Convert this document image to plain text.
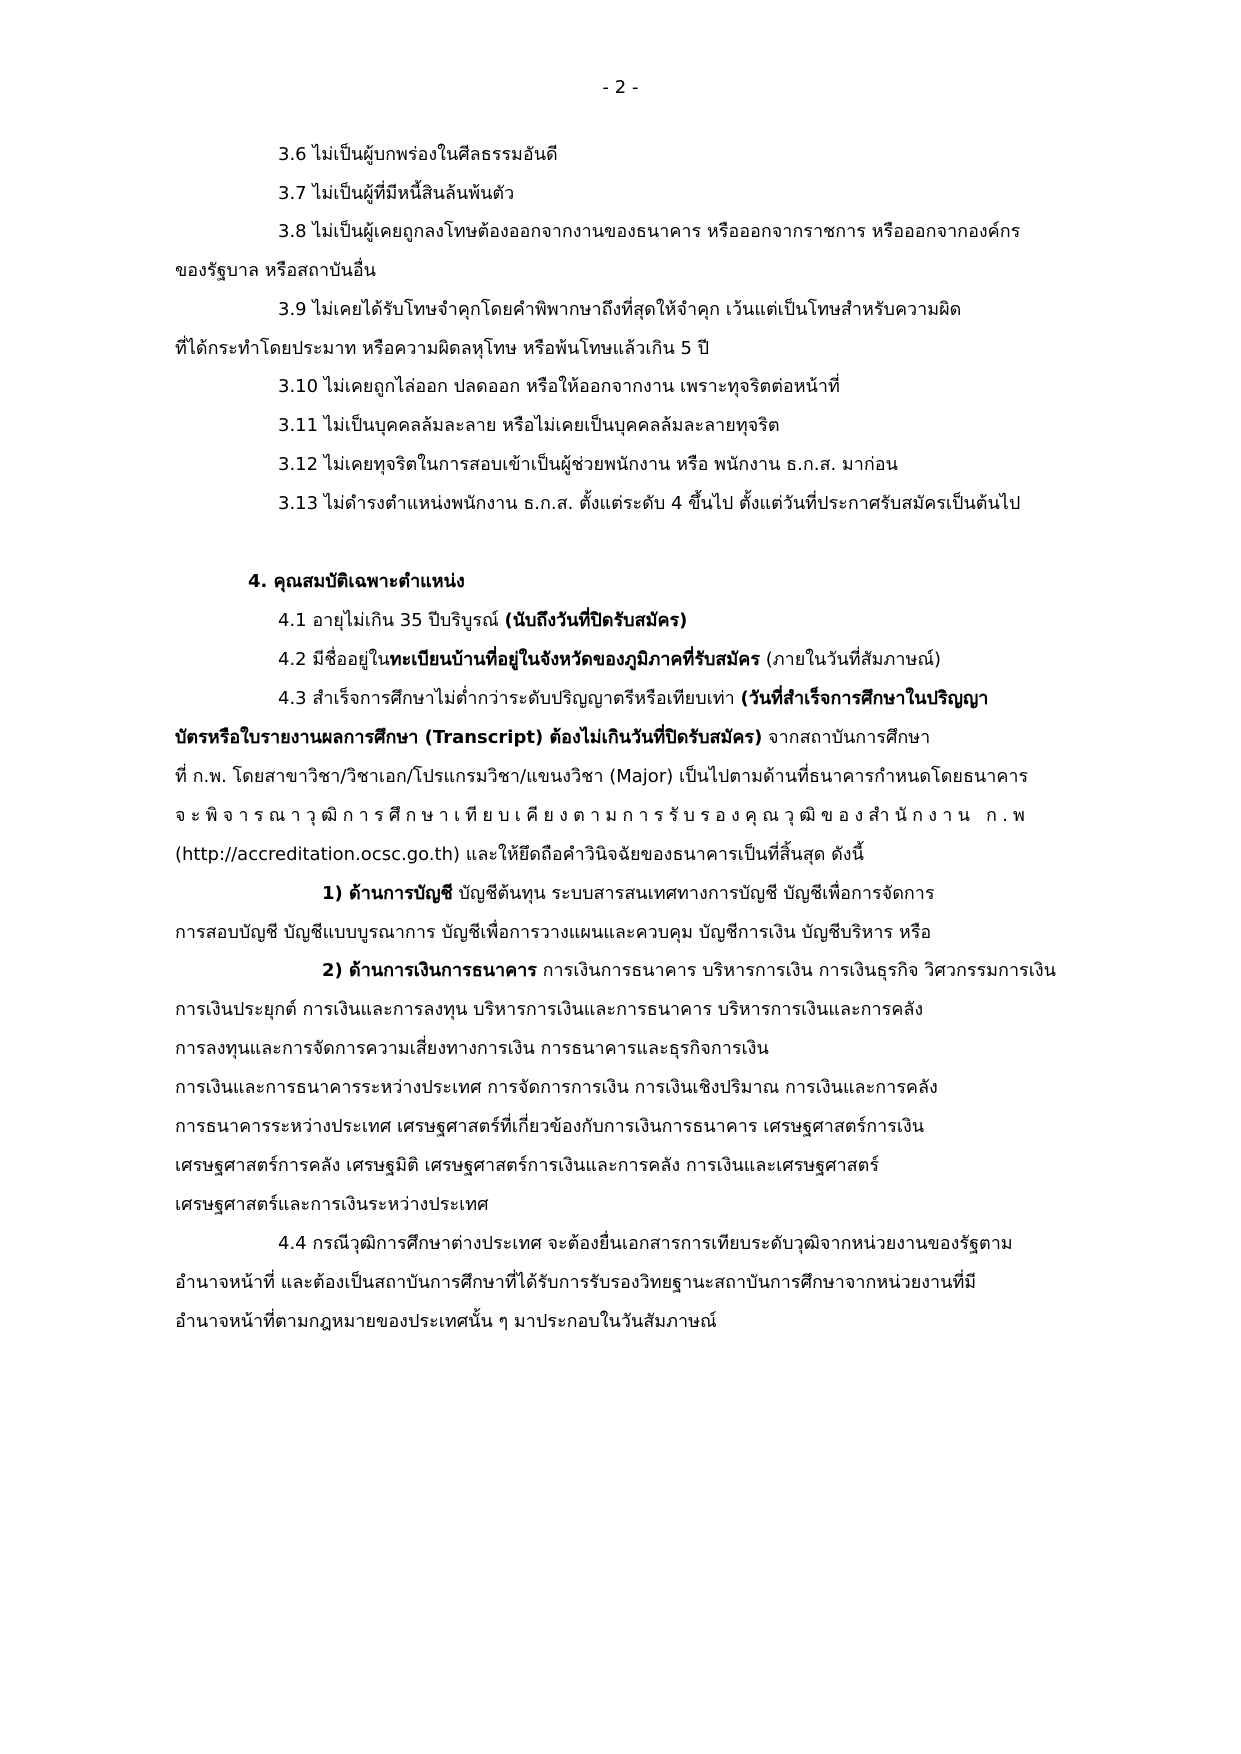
- 2 -
3.6 ไม่เป็นผู้บกพร่องในศีลธรรมอันดี
3.7 ไม่เป็นผู้ที่มีหนี้สินล้นพ้นตัว
3.8 ไม่เป็นผู้เคยถูกลงโทษต้องออกจากงานของธนาคาร หรือออกจากราชการ หรือออกจากองค์กร
ของรัฐบาล หรือสถาบันอื่น
3.9 ไม่เคยได้รับโทษจำคุกโดยคำพิพากษาถึงที่สุดให้จำคุก เว้นแต่เป็นโทษสำหรับความผิด
ที่ได้กระทำโดยประมาท หรือความผิดลหุโทษ หรือพ้นโทษแล้วเกิน 5 ปี
3.10 ไม่เคยถูกไล่ออก ปลดออก หรือให้ออกจากงาน เพราะทุจริตต่อหน้าที่
3.11 ไม่เป็นบุคคลล้มละลาย หรือไม่เคยเป็นบุคคลล้มละลายทุจริต
3.12 ไม่เคยทุจริตในการสอบเข้าเป็นผู้ช่วยพนักงาน หรือ พนักงาน ธ.ก.ส. มาก่อน
3.13 ไม่ดำรงตำแหน่งพนักงาน ธ.ก.ส. ตั้งแต่ระดับ 4 ขึ้นไป ตั้งแต่วันที่ประกาศรับสมัครเป็นต้นไป
4. คุณสมบัติเฉพาะตำแหน่ง
4.1 อายุไม่เกิน 35 ปีบริบูรณ์ (นับถึงวันที่ปิดรับสมัคร)
4.2 มีชื่ออยู่ในทะเบียนบ้านที่อยู่ในจังหวัดของภูมิภาคที่รับสมัคร (ภายในวันที่สัมภาษณ์)
4.3 สำเร็จการศึกษาไม่ต่ำกว่าระดับปริญญาตรีหรือเทียบเท่า (วันที่สำเร็จการศึกษาในปริญญา
บัตรหรือใบรายงานผลการศึกษา (Transcript) ต้องไม่เกินวันที่ปิดรับสมัคร) จากสถาบันการศึกษา
ที่ ก.พ. โดยสาขาวิชา/วิชาเอก/โปรแกรมวิชา/แขนงวิชา (Major) เป็นไปตามด้านที่ธนาคารกำหนดโดยธนาคาร
จะพิจารณาวุฒิการศึกษาเทียบเคียงตามการรับรองคุณวุฒิของสำนักงาน ก.พ
(http://accreditation.ocsc.go.th) และให้ยึดถือคำวินิจฉัยของธนาคารเป็นที่สิ้นสุด ดังนี้
1) ด้านการบัญชี บัญชีต้นทุน ระบบสารสนเทศทางการบัญชี บัญชีเพื่อการจัดการ
การสอบบัญชี บัญชีแบบบูรณาการ บัญชีเพื่อการวางแผนและควบคุม บัญชีการเงิน บัญชีบริหาร หรือ
2) ด้านการเงินการธนาคาร การเงินการธนาคาร บริหารการเงิน การเงินธุรกิจ วิศวกรรมการเงิน
การเงินประยุกต์ การเงินและการลงทุน บริหารการเงินและการธนาคาร บริหารการเงินและการคลัง
การลงทุนและการจัดการความเสี่ยงทางการเงิน การธนาคารและธุรกิจการเงิน
การเงินและการธนาคารระหว่างประเทศ การจัดการการเงิน การเงินเชิงปริมาณ การเงินและการคลัง
การธนาคารระหว่างประเทศ เศรษฐศาสตร์ที่เกี่ยวข้องกับการเงินการธนาคาร เศรษฐศาสตร์การเงิน
เศรษฐศาสตร์การคลัง เศรษฐมิติ เศรษฐศาสตร์การเงินและการคลัง การเงินและเศรษฐศาสตร์
เศรษฐศาสตร์และการเงินระหว่างประเทศ
4.4 กรณีวุฒิการศึกษาต่างประเทศ จะต้องยื่นเอกสารการเทียบระดับวุฒิจากหน่วยงานของรัฐตาม
อำนาจหน้าที่ และต้องเป็นสถาบันการศึกษาที่ได้รับการรับรองวิทยฐานะสถาบันการศึกษาจากหน่วยงานที่มี
อำนาจหน้าที่ตามกฎหมายของประเทศนั้น ๆ มาประกอบในวันสัมภาษณ์
